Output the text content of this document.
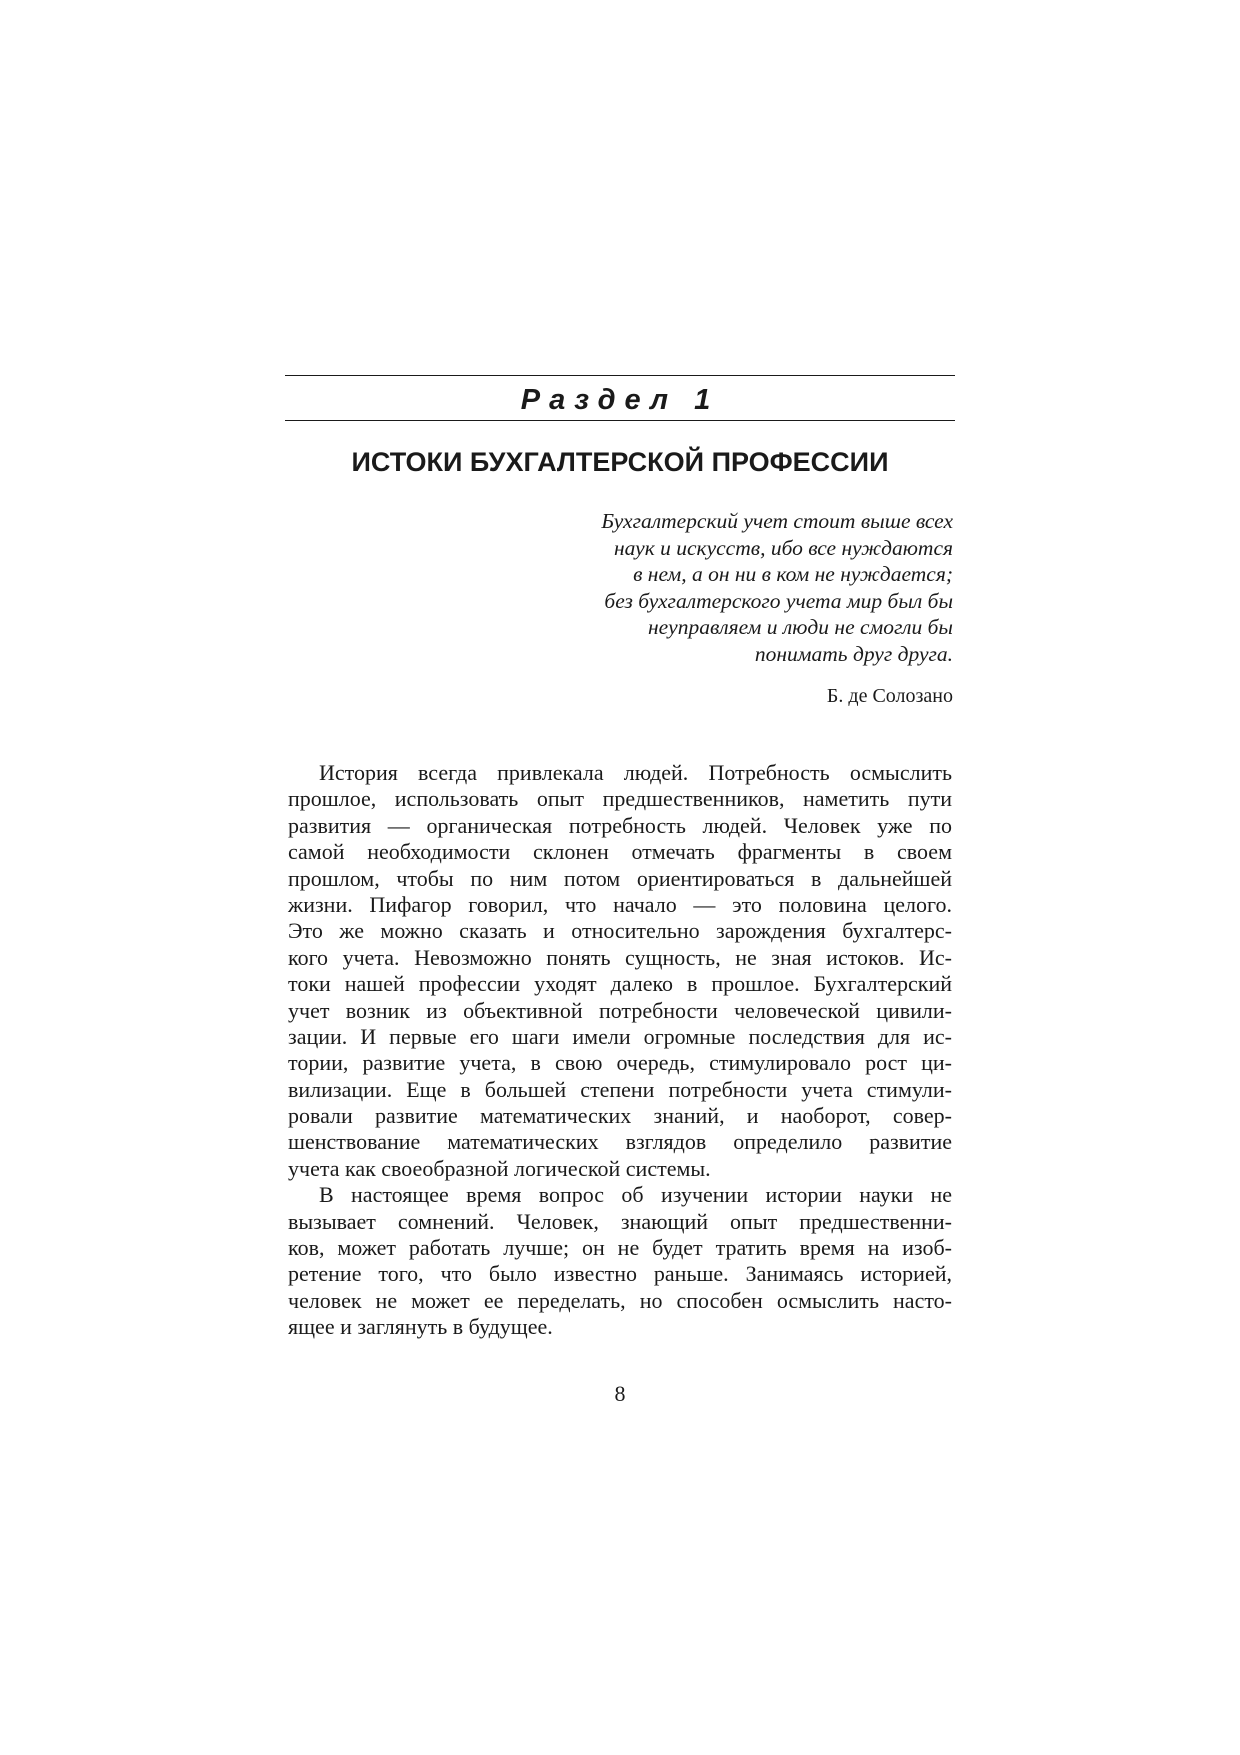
Раздел 1
ИСТОКИ БУХГАЛТЕРСКОЙ ПРОФЕССИИ
Бухгалтерский учет стоит выше всех
наук и искусств, ибо все нуждаются
в нем, а он ни в ком не нуждается;
без бухгалтерского учета мир был бы
неуправляем и люди не смогли бы
понимать друг друга.
Б. де Солозано
История всегда привлекала людей. Потребность осмыслить
прошлое, использовать опыт предшественников, наметить пути
развития — органическая потребность людей. Человек уже по
самой необходимости склонен отмечать фрагменты в своем
прошлом, чтобы по ним потом ориентироваться в дальнейшей
жизни. Пифагор говорил, что начало — это половина целого.
Это же можно сказать и относительно зарождения бухгалтерс-
кого учета. Невозможно понять сущность, не зная истоков. Ис-
токи нашей профессии уходят далеко в прошлое. Бухгалтерский
учет возник из объективной потребности человеческой цивили-
зации. И первые его шаги имели огромные последствия для ис-
тории, развитие учета, в свою очередь, стимулировало рост ци-
вилизации. Еще в большей степени потребности учета стимули-
ровали развитие математических знаний, и наоборот, совер-
шенствование математических взглядов определило развитие
учета как своеобразной логической системы.
В настоящее время вопрос об изучении истории науки не
вызывает сомнений. Человек, знающий опыт предшественни-
ков, может работать лучше; он не будет тратить время на изоб-
ретение того, что было известно раньше. Занимаясь историей,
человек не может ее переделать, но способен осмыслить насто-
ящее и заглянуть в будущее.
8
